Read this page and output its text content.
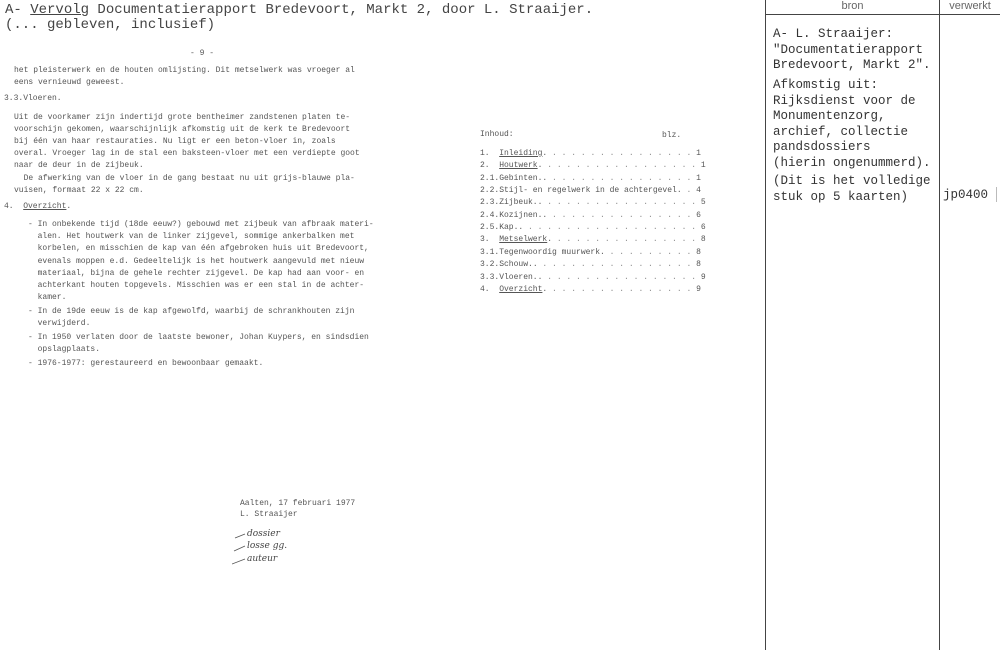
A- Vervolg Documentatierapport Bredevoort, Markt 2, door L. Straaijer.
(... gebleven, inclusief)
- 9 -
het pleisterwerk en de houten omlijsting. Dit metselwerk was vroeger al
eens vernieuwd geweest.
3.3.Vloeren.
Uit de voorkamer zijn indertijd grote bentheimer zandstenen platen te-
voorschijn gekomen, waarschijnlijk afkomstig uit de kerk te Bredevoort
bij één van haar restauraties. Nu ligt er een beton-vloer in, zoals
overal. Vroeger lag in de stal een baksteen-vloer met een verdiepte goot
naar de deur in de zijbeuk.
De afwerking van de vloer in de gang bestaat nu uit grijs-blauwe pla-
vuisen, formaat 22 x 22 cm.
4.  Overzicht.
- In onbekende tijd (18de eeuw?) gebouwd met zijbeuk van afbraak materi-
alen. Het houtwerk van de linker zijgevel, sommige ankerbalken met
korbelen, en misschien de kap van één afgebroken huis uit Bredevoort,
evenals moppen e.d. Gedeeltelijk is het houtwerk aangevuld met nieuw
materiaal, bijna de gehele rechter zijgevel. De kap had aan voor- en
achterkant houten topgevels. Misschien was er een stal in de achter-
kamer.
- In de 19de eeuw is de kap afgewolfd, waarbij de schrankhouten zijn
verwijderd.
- In 1950 verlaten door de laatste bewoner, Johan Kuypers, en sindsdien
opslagplaats.
- 1976-1977: gerestaureerd en bewoonbaar gemaakt.
Inhoud:	blz.
1.  Inleiding. . . . . . . . . . . . . . . . 1
2.  Houtwerk. . . . . . . . . . . . . . . . . 1
2.1.Gebinten.. . . . . . . . . . . . . . . . 1
2.2.Stijl- en regelwerk in de achtergevel. . 4
2.3.Zijbeuk.. . . . . . . . . . . . . . . . . 5
2.4.Kozijnen.. . . . . . . . . . . . . . . . 6
2.5.Kap.. . . . . . . . . . . . . . . . . . . 6
3.  Metselwerk. . . . . . . . . . . . . . . . 8
3.1.Tegenwoordig muurwerk. . . . . . . . . . 8
3.2.Schouw.. . . . . . . . . . . . . . . . . 8
3.3.Vloeren.. . . . . . . . . . . . . . . . . 9
4.  Overzicht. . . . . . . . . . . . . . . . 9
Aalten, 17 februari 1977
L. Straaijer
dossier
losse gg.
auteur
bron	verwerkt
A- L. Straaijer:
"Documentatierapport
Bredevoort, Markt 2".
Afkomstig uit:
Rijksdienst voor de
Monumentenzorg,
archief, collectie
pandsdossiers
(hierin ongenummerd).
(Dit is het volledige
stuk op 5 kaarten)	jp0400
